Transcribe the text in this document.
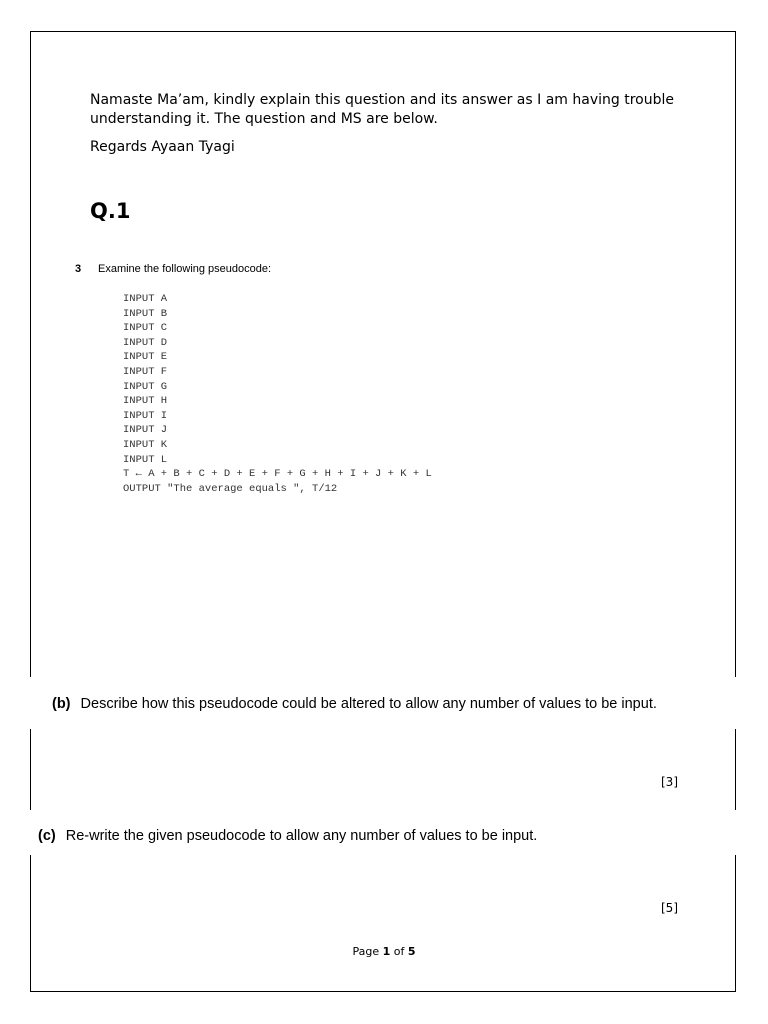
Namaste Ma’am, kindly explain this question and its answer as I am having trouble understanding it. The question and MS are below.

Regards Ayaan Tyagi

Q.1
3 Examine the following pseudocode:
INPUT A
INPUT B
INPUT C
INPUT D
INPUT E
INPUT F
INPUT G
INPUT H
INPUT I
INPUT J
INPUT K
INPUT L
T ← A + B + C + D + E + F + G + H + I + J + K + L
OUTPUT "The average equals ", T/12
(b) Describe how this pseudocode could be altered to allow any number of values to be input.
[3]
(c) Re-write the given pseudocode to allow any number of values to be input.
[5]
Page 1 of 5
